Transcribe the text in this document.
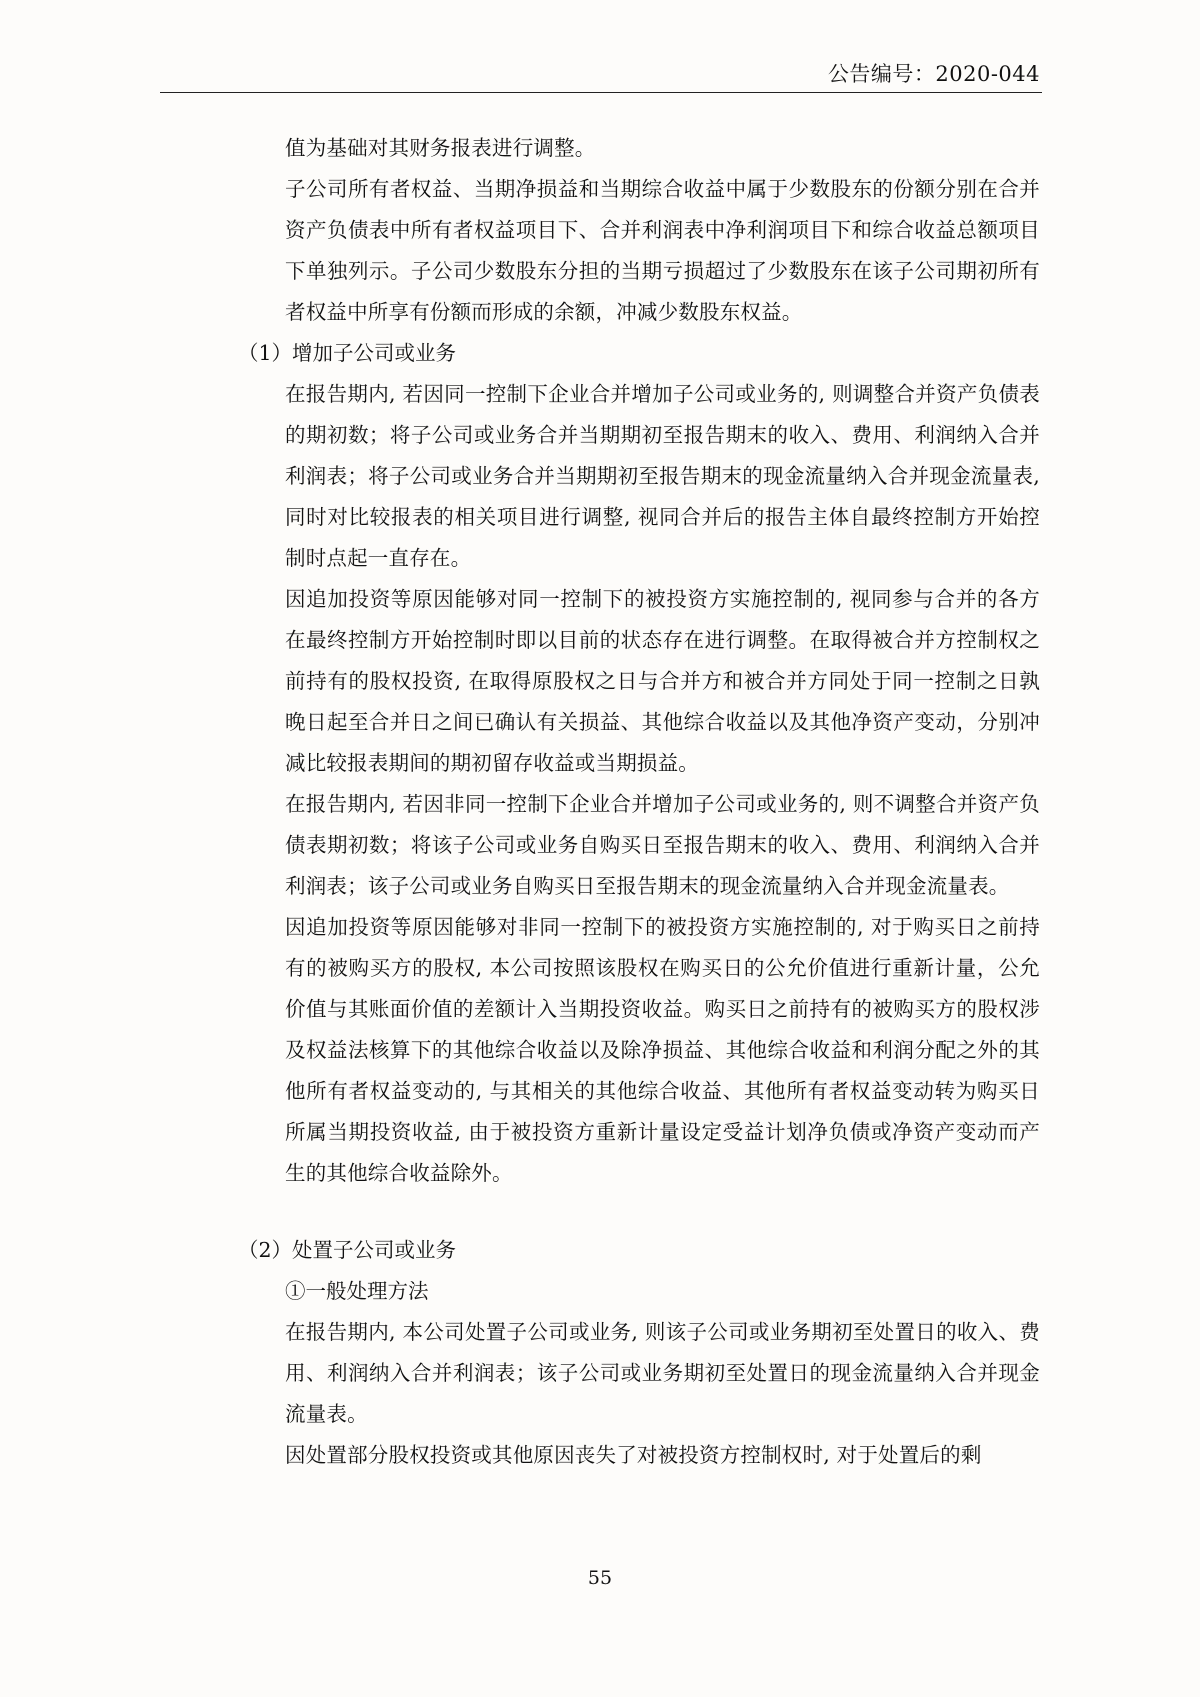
公告编号：2020-044

值为基础对其财务报表进行调整。

子公司所有者权益、当期净损益和当期综合收益中属于少数股东的份额分别在合并资产负债表中所有者权益项目下、合并利润表中净利润项目下和综合收益总额项目下单独列示。子公司少数股东分担的当期亏损超过了少数股东在该子公司期初所有者权益中所享有份额而形成的余额，冲减少数股东权益。

（1）增加子公司或业务

在报告期内, 若因同一控制下企业合并增加子公司或业务的, 则调整合并资产负债表的期初数；将子公司或业务合并当期期初至报告期末的收入、费用、利润纳入合并利润表；将子公司或业务合并当期期初至报告期末的现金流量纳入合并现金流量表, 同时对比较报表的相关项目进行调整, 视同合并后的报告主体自最终控制方开始控制时点起一直存在。

因追加投资等原因能够对同一控制下的被投资方实施控制的, 视同参与合并的各方在最终控制方开始控制时即以目前的状态存在进行调整。在取得被合并方控制权之前持有的股权投资, 在取得原股权之日与合并方和被合并方同处于同一控制之日孰晚日起至合并日之间已确认有关损益、其他综合收益以及其他净资产变动，分别冲减比较报表期间的期初留存收益或当期损益。

在报告期内, 若因非同一控制下企业合并增加子公司或业务的, 则不调整合并资产负债表期初数；将该子公司或业务自购买日至报告期末的收入、费用、利润纳入合并利润表；该子公司或业务自购买日至报告期末的现金流量纳入合并现金流量表。

因追加投资等原因能够对非同一控制下的被投资方实施控制的, 对于购买日之前持有的被购买方的股权, 本公司按照该股权在购买日的公允价值进行重新计量，公允价值与其账面价值的差额计入当期投资收益。购买日之前持有的被购买方的股权涉及权益法核算下的其他综合收益以及除净损益、其他综合收益和利润分配之外的其他所有者权益变动的, 与其相关的其他综合收益、其他所有者权益变动转为购买日所属当期投资收益, 由于被投资方重新计量设定受益计划净负债或净资产变动而产生的其他综合收益除外。

（2）处置子公司或业务
①一般处理方法

在报告期内, 本公司处置子公司或业务, 则该子公司或业务期初至处置日的收入、费用、利润纳入合并利润表；该子公司或业务期初至处置日的现金流量纳入合并现金流量表。

因处置部分股权投资或其他原因丧失了对被投资方控制权时, 对于处置后的剩

55
